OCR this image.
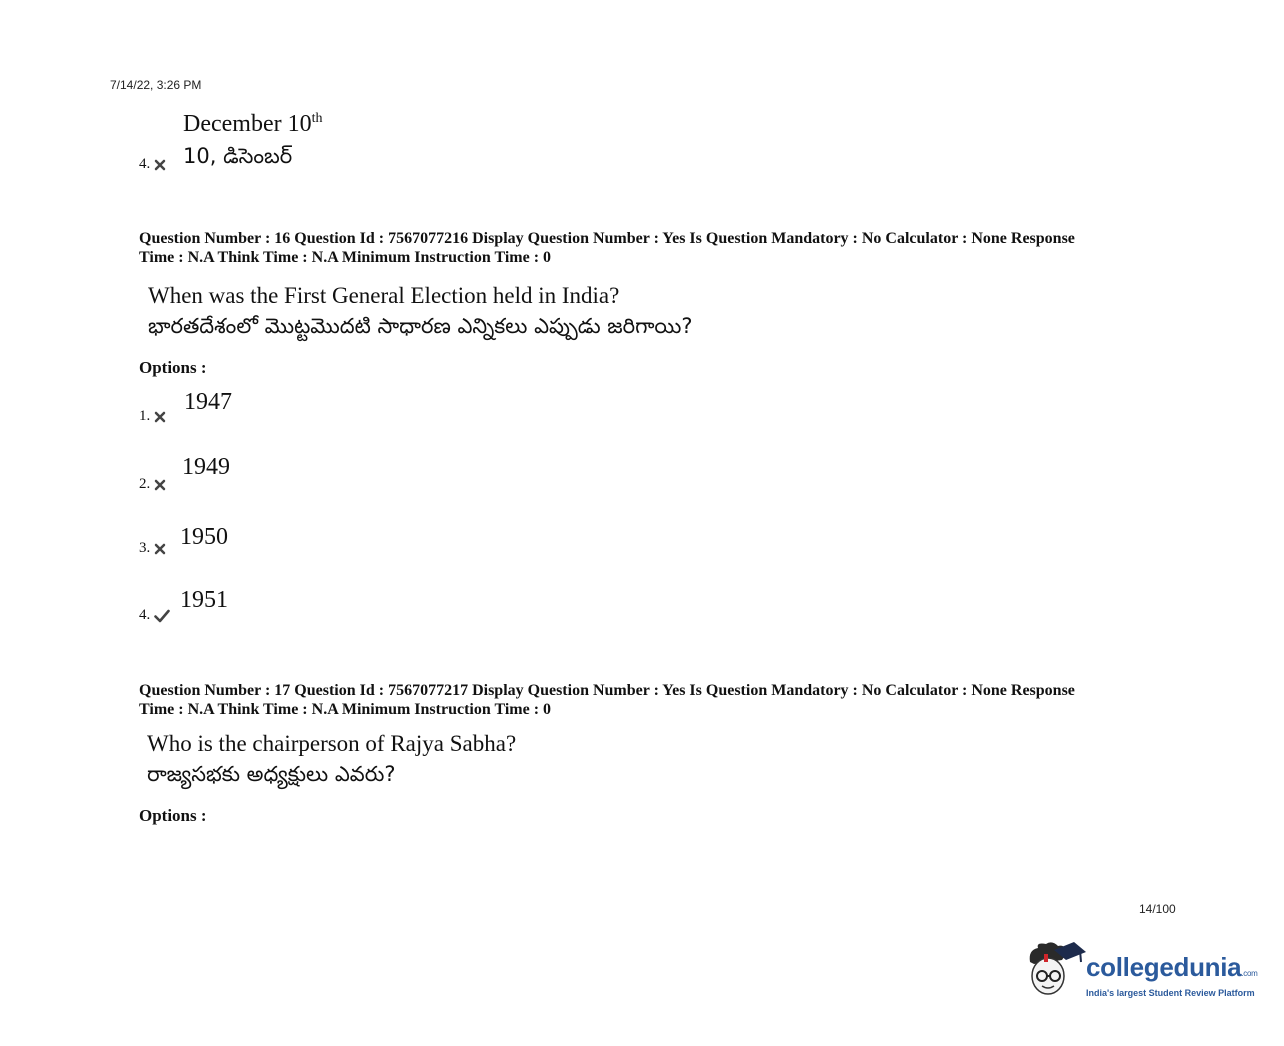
7/14/22, 3:26 PM
December 10th
10, డిసెంబర్
4.
Question Number : 16 Question Id : 7567077216 Display Question Number : Yes Is Question Mandatory : No Calculator : None Response
Time : N.A Think Time : N.A Minimum Instruction Time : 0
When was the First General Election held in India?
భారతదేశంలో మొట్టమొదటి సాధారణ ఎన్నికలు ఎప్పుడు జరిగాయి?
Options :
1947
1.
1949
2.
1950
3.
1951
4.
Question Number : 17 Question Id : 7567077217 Display Question Number : Yes Is Question Mandatory : No Calculator : None Response
Time : N.A Think Time : N.A Minimum Instruction Time : 0
Who is the chairperson of Rajya Sabha?
రాజ్యసభకు అధ్యక్షులు ఎవరు?
Options :
14/100
collegedunia.com
India's largest Student Review Platform
